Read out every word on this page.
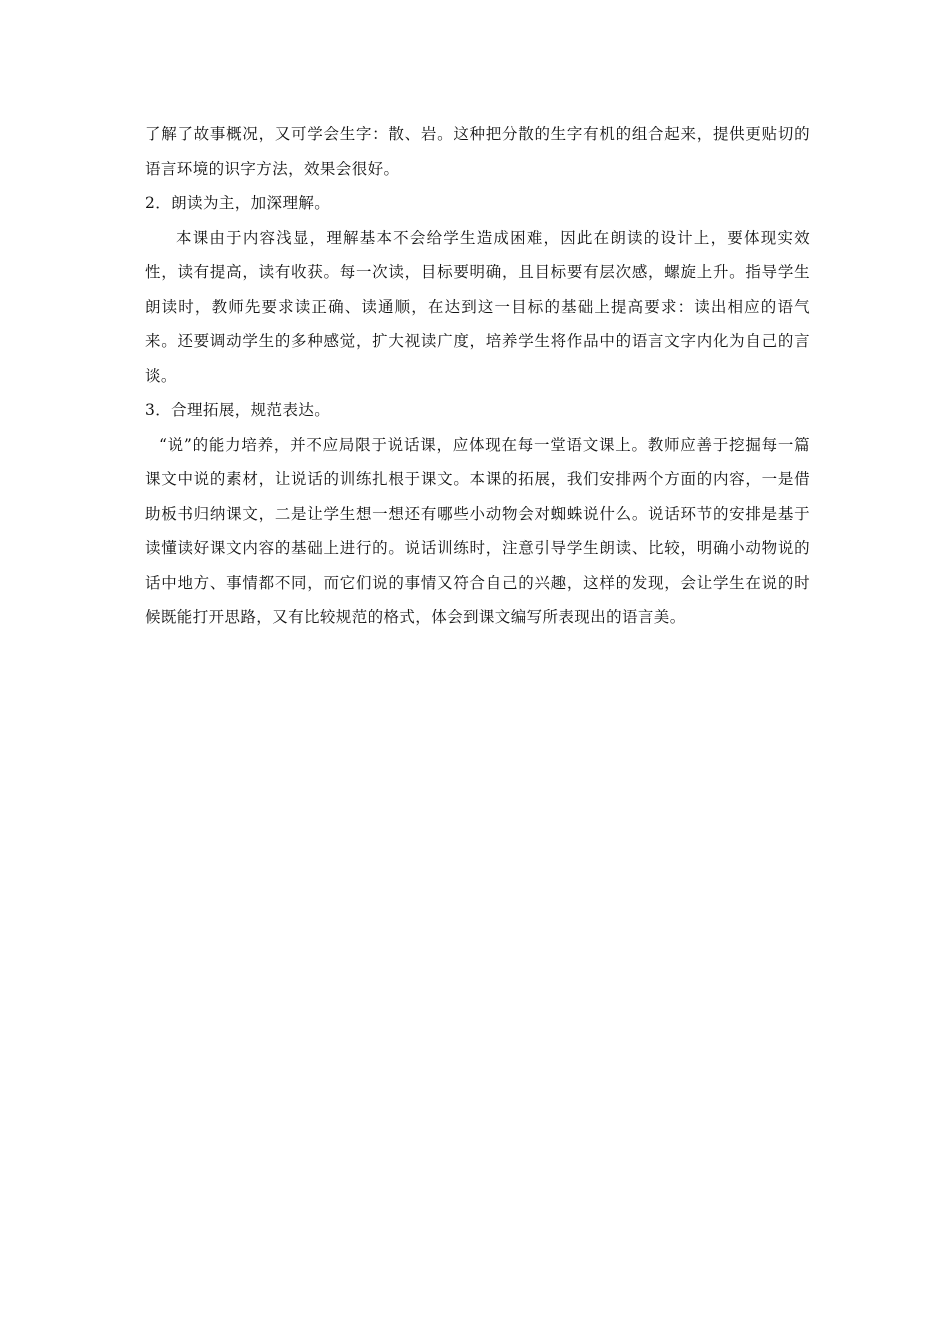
了解了故事概况，又可学会生字：散、岩。这种把分散的生字有机的组合起来，提供更贴切的语言环境的识字方法，效果会很好。

2．朗读为主，加深理解。

本课由于内容浅显，理解基本不会给学生造成困难，因此在朗读的设计上，要体现实效性，读有提高，读有收获。每一次读，目标要明确，且目标要有层次感，螺旋上升。指导学生朗读时，教师先要求读正确、读通顺，在达到这一目标的基础上提高要求：读出相应的语气来。还要调动学生的多种感觉，扩大视读广度，培养学生将作品中的语言文字内化为自己的言谈。

3．合理拓展，规范表达。

“说”的能力培养，并不应局限于说话课，应体现在每一堂语文课上。教师应善于挖掘每一篇课文中说的素材，让说话的训练扎根于课文。本课的拓展，我们安排两个方面的内容，一是借助板书归纳课文，二是让学生想一想还有哪些小动物会对蜘蛛说什么。说话环节的安排是基于读懂读好课文内容的基础上进行的。说话训练时，注意引导学生朗读、比较，明确小动物说的话中地方、事情都不同，而它们说的事情又符合自己的兴趣，这样的发现，会让学生在说的时候既能打开思路，又有比较规范的格式，体会到课文编写所表现出的语言美。
